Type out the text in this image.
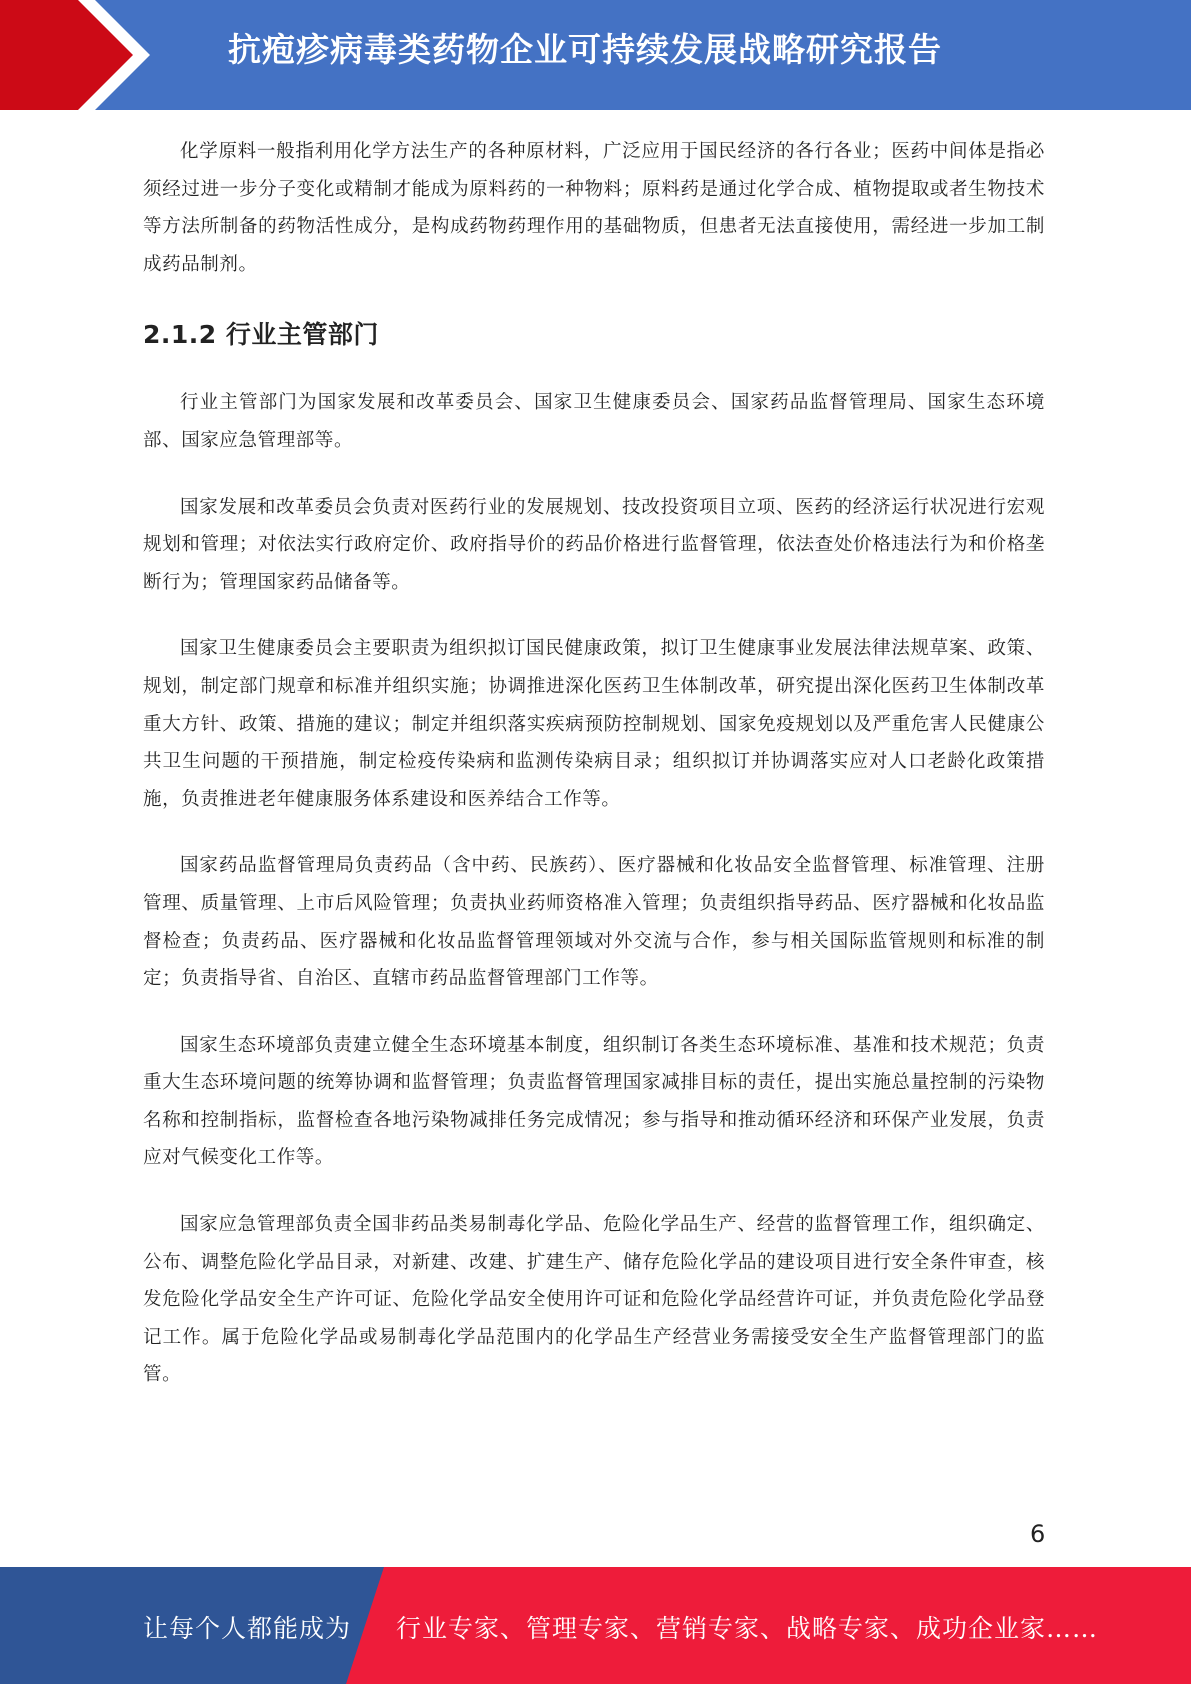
抗疱疹病毒类药物企业可持续发展战略研究报告

化学原料一般指利用化学方法生产的各种原材料，广泛应用于国民经济的各行各业；医药中间体是指必须经过进一步分子变化或精制才能成为原料药的一种物料；原料药是通过化学合成、植物提取或者生物技术等方法所制备的药物活性成分，是构成药物药理作用的基础物质，但患者无法直接使用，需经进一步加工制成药品制剂。

2.1.2 行业主管部门

行业主管部门为国家发展和改革委员会、国家卫生健康委员会、国家药品监督管理局、国家生态环境部、国家应急管理部等。

国家发展和改革委员会负责对医药行业的发展规划、技改投资项目立项、医药的经济运行状况进行宏观规划和管理；对依法实行政府定价、政府指导价的药品价格进行监督管理，依法查处价格违法行为和价格垄断行为；管理国家药品储备等。

国家卫生健康委员会主要职责为组织拟订国民健康政策，拟订卫生健康事业发展法律法规草案、政策、规划，制定部门规章和标准并组织实施；协调推进深化医药卫生体制改革，研究提出深化医药卫生体制改革重大方针、政策、措施的建议；制定并组织落实疾病预防控制规划、国家免疫规划以及严重危害人民健康公共卫生问题的干预措施，制定检疫传染病和监测传染病目录；组织拟订并协调落实应对人口老龄化政策措施，负责推进老年健康服务体系建设和医养结合工作等。

国家药品监督管理局负责药品（含中药、民族药）、医疗器械和化妆品安全监督管理、标准管理、注册管理、质量管理、上市后风险管理；负责执业药师资格准入管理；负责组织指导药品、医疗器械和化妆品监督检查；负责药品、医疗器械和化妆品监督管理领域对外交流与合作，参与相关国际监管规则和标准的制定；负责指导省、自治区、直辖市药品监督管理部门工作等。

国家生态环境部负责建立健全生态环境基本制度，组织制订各类生态环境标准、基准和技术规范；负责重大生态环境问题的统筹协调和监督管理；负责监督管理国家减排目标的责任，提出实施总量控制的污染物名称和控制指标，监督检查各地污染物减排任务完成情况；参与指导和推动循环经济和环保产业发展，负责应对气候变化工作等。

国家应急管理部负责全国非药品类易制毒化学品、危险化学品生产、经营的监督管理工作，组织确定、公布、调整危险化学品目录，对新建、改建、扩建生产、储存危险化学品的建设项目进行安全条件审查，核发危险化学品安全生产许可证、危险化学品安全使用许可证和危险化学品经营许可证，并负责危险化学品登记工作。属于危险化学品或易制毒化学品范围内的化学品生产经营业务需接受安全生产监督管理部门的监管。

6
让每个人都能成为 行业专家、管理专家、营销专家、战略专家、成功企业家……
